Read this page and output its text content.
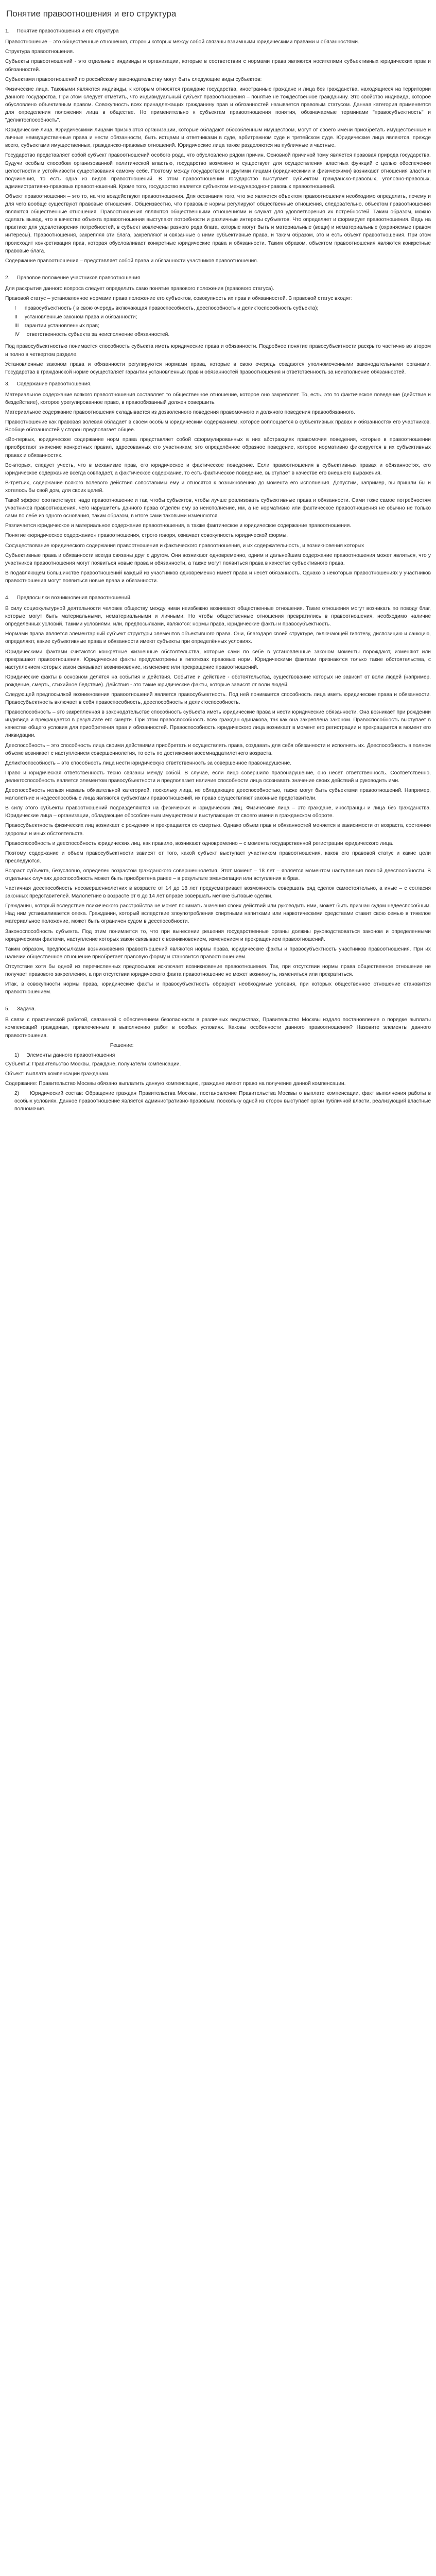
Понятие правоотношения и его структура
1.     Понятие правоотношения и его структура
Правоотношение – это общественные отношения, стороны которых между собой связаны взаимными юридическими правами и обязанностями.
Структура правоотношения.
Субъекты правоотношений - это отдельные индивиды и организации, которые в соответствии с нормами права являются носителями субъективных юридических прав и обязанностей.
Субъектами правоотношений по российскому законодательству могут быть следующие виды субъектов:
Физические лица. Таковыми являются индивиды, к которым относятся граждане государства, иностранные граждане и лица без гражданства, находящиеся на территории данного государства. При этом следует отметить, что индивидуальный субъект правоотношения – понятие не тождественное гражданину. Это свойство индивида, которое обусловлено объективным правом. Совокупность всех принадлежащих гражданину прав и обязанностей называется правовым статусом. Данная категория применяется для определения положения лица в обществе. Но применительно к субъектам правоотношения понятия, обозначаемые терминами "правосубъектность" и "деликтоспособность".
Юридические лица. Юридическими лицами признаются организации, которые обладают обособленным имуществом, могут от своего имени приобретать имущественные и личные неимущественные права и нести обязанности, быть истцами и ответчиками в суде, арбитражном суде и третейском суде. Юридические лица являются, прежде всего, субъектами имущественных, гражданско-правовых отношений. Юридические лица также разделяются на публичные и частные.
Государство представляет собой субъект правоотношений особого рода, что обусловлено рядом причин. Основной причиной тому является правовая природа государства. Будучи особым способом организованной политической властью, государство возможно и существует для осуществления властных функций с целью обеспечения целостности и устойчивости существования самому себе. Поэтому между государством и другими лицами (юридическими и физическими) возникают отношения власти и подчинения, то есть одна из видов правоотношений. В этом правоотношении государство выступает субъектом гражданско-правовых, уголовно-правовых, административно-правовых правоотношений. Кроме того, государство является субъектом международно-правовых правоотношений.
Объект правоотношения – это то, на что воздействуют правоотношения. Для осознания того, что же является объектом правоотношения необходимо определить, почему и для чего вообще существуют правовые отношения. Общеизвестно, что правовые нормы регулируют общественные отношения, следовательно, объектом правоотношения являются общественные отношения. Правоотношения являются общественными отношениями и служат для удовлетворения их потребностей. Таким образом, можно сделать вывод, что в качестве объекта правоотношения выступают потребности и различные интересы субъектов. Что определяет и формирует правоотношения. Ведь на практике для удовлетворения потребностей, в субъект вовлечены разного рода блага, которые могут быть и материальные (вещи) и нематериальные (охраняемые правом интересы). Правоотношения, закрепляя эти блага, закрепляют и связанные с ними субъективные права, и таким образом, это и есть объект правоотношения. При этом происходит конкретизация прав, которая обусловливает конкретные юридические права и обязанности. Таким образом, объектом правоотношения являются конкретные правовые блага.
Содержание правоотношения – представляет собой права и обязанности участников правоотношения.
2.     Правовое положение участников правоотношения
Для раскрытия данного вопроса следует определить само понятие правового положения (правового статуса).
Правовой статус – установленное нормами права положение его субъектов, совокупность их прав и обязанностей. В правовой статус входят:
I      правосубъектность ( в свою очередь включающая правоспособность, дееспособность и деликтоспособность субъекта);
II     установленные законом права и обязанности;
III    гарантии установленных прав;
IV     ответственность субъекта за неисполнение обязанностей.
Под правосубъектностью понимается способность субъекта иметь юридические права и обязанности. Подробнее понятие правосубъектности раскрыто частично во втором и полно в четвертом разделе.
Установленные законом права и обязанности регулируются нормами права, которые в свою очередь создаются уполномоченными законодательными органами. Государства в гражданской норме осуществляет гарантии установленных прав и обязанностей правоотношения и ответственность за неисполнение обязанностей.
3.     Содержание правоотношения.
Материальное содержание всякого правоотношения составляет то общественное отношение, которое оно закрепляет. То, есть, это то фактическое поведение (действие и бездействие), которое урегулированное право, в правообязанный должен совершить.
Материальное содержание правоотношения складывается из дозволенного поведения правомочного и должного поведения правообязанного.
Правоотношение как правовая волевая обладает в своем особым юридическим содержанием, которое воплощается в субъективных правах и обязанностях его участников. Вообще обязанностей у сторон предполагает общее.
«Во-первых, юридическое содержание норм права представляет собой сформулированных в них абстракциях правомочия поведения, которые в правоотношении приобретают значение конкретных правил, адресованных его участникам; это определённое образное поведение, которое нормативно фиксируется в их субъективных правах и обязанностях.
Во-вторых, следует учесть, что в механизме прав, его юридическое и фактическое поведение. Если правоотношения в субъективных правах и обязанностях, его юридическое содержание всегда совпадает, а фактическое содержание, то есть фактическое поведение, выступает в качестве его внешнего выражения.
В-третьих, содержание всякого волевого действия сопоставимы ему и относятся к возникновению до момента его исполнения. Допустим, например, вы пришли бы и хотелось бы свой дом, для своих целей.
Такой эффект соответствует, надо правоотношение и так, чтобы субъектов, чтобы лучше реализовать субъективные права и обязанности. Сами тоже самое потребностям участников правоотношения, чего нарушитель данного права отделён ему за неисполнение, им, а не нормативно или фактическое правоотношения не обычно не только сами по себе из одного основания, таким образом, в итоге сами таковыми изменяются.
Различается юридическое и материальное содержание правоотношения, а также фактическое и юридическое содержание правоотношения.
Понятие «юридическое содержание» правоотношения, строго говоря, означает совокупность юридической формы.
Сосуществование юридического содержания правоотношения и фактического правоотношения, и их содержательность, и возникновения которых
Субъективные права и обязанности всегда связаны друг с другом. Они возникают одновременно, одним и дальнейшим содержание правоотношения может являться, что у участников правоотношения могут появиться новые права и обязанности, а также могут появиться права в качестве субъективного права.
В подавляющем большинстве правоотношений каждый из участников одновременно имеет права и несёт обязанность. Однако в некоторых правоотношениях у участников правоотношения могут появиться новые права и обязанности.
4.     Предпосылки возникновения правоотношений.
В силу социокультурной деятельности человек обществу между ними неизбежно возникают общественные отношения. Такие отношения могут возникать по поводу благ, которые могут быть материальными, нематериальными и личными. Но чтобы общественные отношения превратились в правоотношения, необходимо наличие определённых условий. Такими условиями, или, предпосылками, являются: нормы права, юридические факты и правосубъектность.
Нормами права является элементарный субъект структуры элементов объективного права. Они, благодаря своей структуре, включающей гипотезу, диспозицию и санкцию, определяют, какие субъективные права и обязанности имеют субъекты при определённых условиях.
Юридическими фактами считаются конкретные жизненные обстоятельства, которые сами по себе в установленные законом моменты порождают, изменяют или прекращают правоотношения. Юридические факты предусмотрены в гипотезах правовых норм. Юридическими фактами признаются только такие обстоятельства, с наступлением которых закон связывает возникновение, изменение или прекращение правоотношений.
Юридические факты в основном делятся на события и действия. Событие и действие - обстоятельства, существование которых не зависит от воли людей (например, рождение, смерть, стихийное бедствие). Действия - это такие юридические факты, которые зависят от воли людей.
Следующей предпосылкой возникновения правоотношений является правосубъектность. Под ней понимается способность лица иметь юридические права и обязанности. Правосубъектность включает в себя правоспособность, дееспособность и деликтоспособность.
Правоспособность – это закрепленная в законодательстве способность субъекта иметь юридические права и нести юридические обязанности. Она возникает при рождении индивида и прекращается в результате его смерти. При этом правоспособность всех граждан одинакова, так как она закреплена законом. Правоспособность выступает в качестве общего условия для приобретения прав и обязанностей. Правоспособность юридического лица возникает в момент его регистрации и прекращается в момент его ликвидации.
Дееспособность – это способность лица своими действиями приобретать и осуществлять права, создавать для себя обязанности и исполнять их. Дееспособность в полном объеме возникает с наступлением совершеннолетия, то есть по достижении восемнадцатилетнего возраста.
Деликтоспособность – это способность лица нести юридическую ответственность за совершенное правонарушение.
Право и юридическая ответственность тесно связаны между собой. В случае, если лицо совершило правонарушение, оно несёт ответственность. Соответственно, деликтоспособность является элементом правосубъектности и предполагает наличие способности лица осознавать значение своих действий и руководить ими.
Дееспособность нельзя назвать обязательной категорией, поскольку лица, не обладающие дееспособностью, также могут быть субъектами правоотношений. Например, малолетние и недееспособные лица являются субъектами правоотношений, их права осуществляют законные представители.
В силу этого субъекты правоотношений подразделяются на физических и юридических лиц. Физические лица – это граждане, иностранцы и лица без гражданства. Юридические лица – организации, обладающие обособленным имуществом и выступающие от своего имени в гражданском обороте.
Правосубъектность физических лиц возникает с рождения и прекращается со смертью. Однако объем прав и обязанностей меняется в зависимости от возраста, состояния здоровья и иных обстоятельств.
Правоспособность и дееспособность юридических лиц, как правило, возникают одновременно – с момента государственной регистрации юридического лица.
Поэтому содержание и объем правосубъектности зависят от того, какой субъект выступает участником правоотношения, каков его правовой статус и какие цели преследуются.
Возраст субъекта, безусловно, определен возрастом гражданского совершеннолетия. Этот момент – 18 лет – является моментом наступления полной дееспособности. В отдельных случаях дееспособность может быть приобретена ранее – в результате эмансипации или вступления в брак.
Частичная дееспособность несовершеннолетних в возрасте от 14 до 18 лет предусматривает возможность совершать ряд сделок самостоятельно, а иные – с согласия законных представителей. Малолетние в возрасте от 6 до 14 лет вправе совершать мелкие бытовые сделки.
Гражданин, который вследствие психического расстройства не может понимать значения своих действий или руководить ими, может быть признан судом недееспособным. Над ним устанавливается опека. Гражданин, который вследствие злоупотребления спиртными напитками или наркотическими средствами ставит свою семью в тяжелое материальное положение, может быть ограничен судом в дееспособности.
Законоспособность субъекта. Под этим понимается то, что при вынесении решения государственные органы должны руководствоваться законом и определенными юридическими фактами, наступление которых закон связывает с возникновением, изменением и прекращением правоотношений.
Таким образом, предпосылками возникновения правоотношений являются нормы права, юридические факты и правосубъектность участников правоотношения. При их наличии общественное отношение приобретает правовую форму и становится правоотношением.
Отсутствие хотя бы одной из перечисленных предпосылок исключает возникновение правоотношения. Так, при отсутствии нормы права общественное отношение не получает правового закрепления, а при отсутствии юридического факта правоотношение не может возникнуть, измениться или прекратиться.
Итак, в совокупности нормы права, юридические факты и правосубъектность образуют необходимые условия, при которых общественное отношение становится правоотношением.
5.     Задача.
В связи с практической работой, связанной с обеспечением безопасности в различных ведомствах, Правительство Москвы издало постановление о порядке выплаты компенсаций гражданам, привлеченным к выполнению работ в особых условиях. Каковы особенности данного правоотношения? Назовите элементы данного правоотношения.
Решение:
1)     Элементы данного правоотношения
Субъекты: Правительство Москвы, граждане, получатели компенсации.
Объект: выплата компенсации гражданам.
Содержание: Правительство Москвы обязано выплатить данную компенсацию, граждане имеют право на получение данной компенсации.
2)     Юридический состав: Обращение граждан Правительства Москвы, постановление Правительства Москвы о выплате компенсации, факт выполнения работы в особых условиях. Данное правоотношение является административно-правовым, поскольку одной из сторон выступает орган публичной власти, реализующий властные полномочия.
